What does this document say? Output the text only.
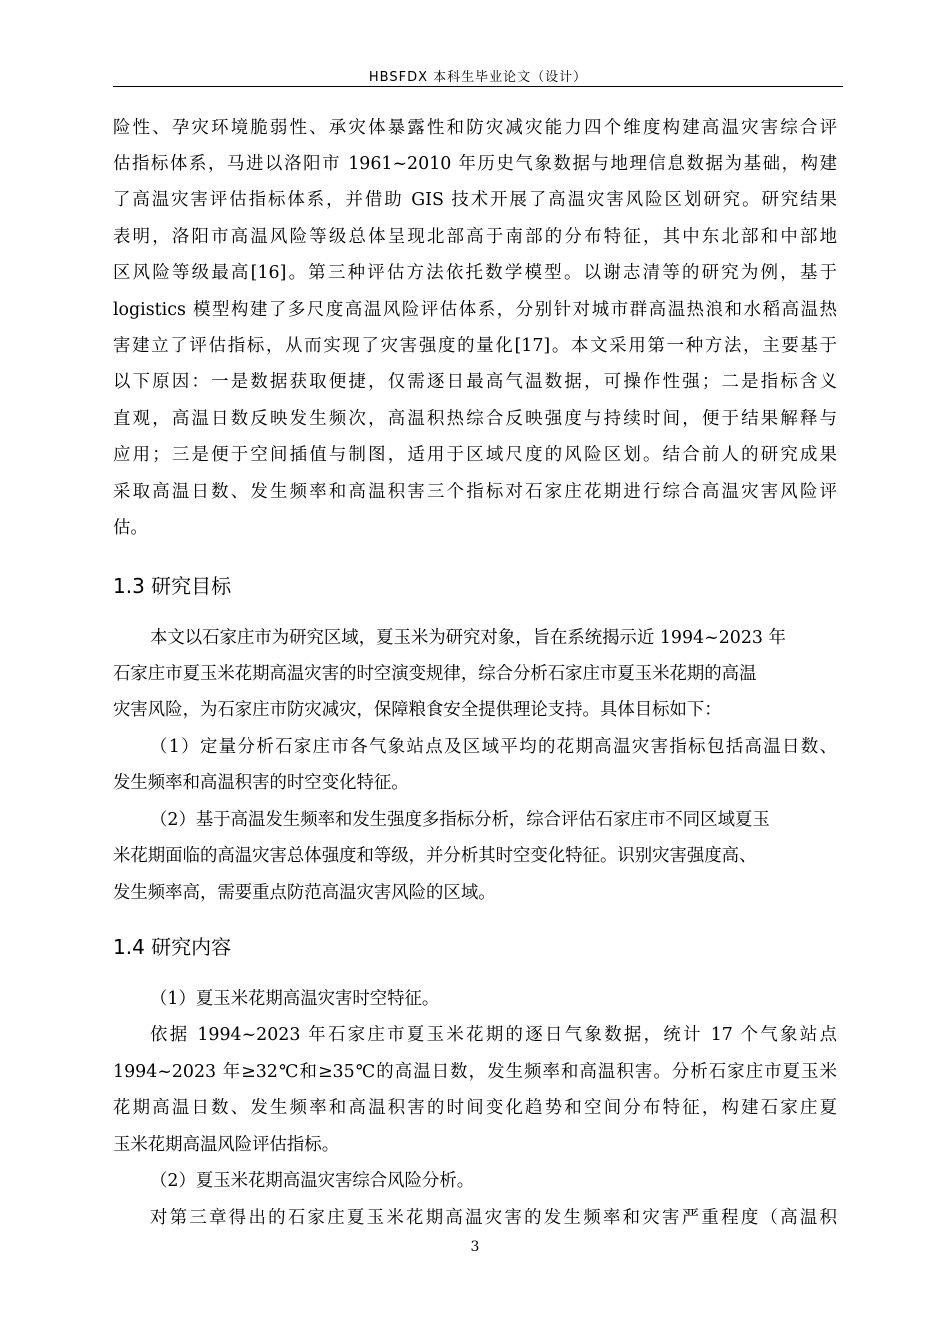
HBSFDX 本科生毕业论文（设计）
险性、孕灾环境脆弱性、承灾体暴露性和防灾减灾能力四个维度构建高温灾害综合评
估指标体系，马进以洛阳市 1961~2010 年历史气象数据与地理信息数据为基础，构建
了高温灾害评估指标体系，并借助 GIS 技术开展了高温灾害风险区划研究。研究结果
表明，洛阳市高温风险等级总体呈现北部高于南部的分布特征，其中东北部和中部地
区风险等级最高[16]。第三种评估方法依托数学模型。以谢志清等的研究为例，基于
logistics 模型构建了多尺度高温风险评估体系，分别针对城市群高温热浪和水稻高温热
害建立了评估指标，从而实现了灾害强度的量化[17]。本文采用第一种方法，主要基于
以下原因：一是数据获取便捷，仅需逐日最高气温数据，可操作性强；二是指标含义
直观，高温日数反映发生频次，高温积热综合反映强度与持续时间，便于结果解释与
应用；三是便于空间插值与制图，适用于区域尺度的风险区划。结合前人的研究成果
采取高温日数、发生频率和高温积害三个指标对石家庄花期进行综合高温灾害风险评
估。
1.3 研究目标
本文以石家庄市为研究区域，夏玉米为研究对象，旨在系统揭示近 1994~2023 年
石家庄市夏玉米花期高温灾害的时空演变规律，综合分析石家庄市夏玉米花期的高温
灾害风险，为石家庄市防灾减灾，保障粮食安全提供理论支持。具体目标如下：
（1）定量分析石家庄市各气象站点及区域平均的花期高温灾害指标包括高温日数、
发生频率和高温积害的时空变化特征。
（2）基于高温发生频率和发生强度多指标分析，综合评估石家庄市不同区域夏玉
米花期面临的高温灾害总体强度和等级，并分析其时空变化特征。识别灾害强度高、
发生频率高，需要重点防范高温灾害风险的区域。
1.4 研究内容
（1）夏玉米花期高温灾害时空特征。
依据 1994~2023 年石家庄市夏玉米花期的逐日气象数据，统计 17 个气象站点
1994~2023 年≥32℃和≥35℃的高温日数，发生频率和高温积害。分析石家庄市夏玉米
花期高温日数、发生频率和高温积害的时间变化趋势和空间分布特征，构建石家庄夏
玉米花期高温风险评估指标。
（2）夏玉米花期高温灾害综合风险分析。
对第三章得出的石家庄夏玉米花期高温灾害的发生频率和灾害严重程度（高温积
3
